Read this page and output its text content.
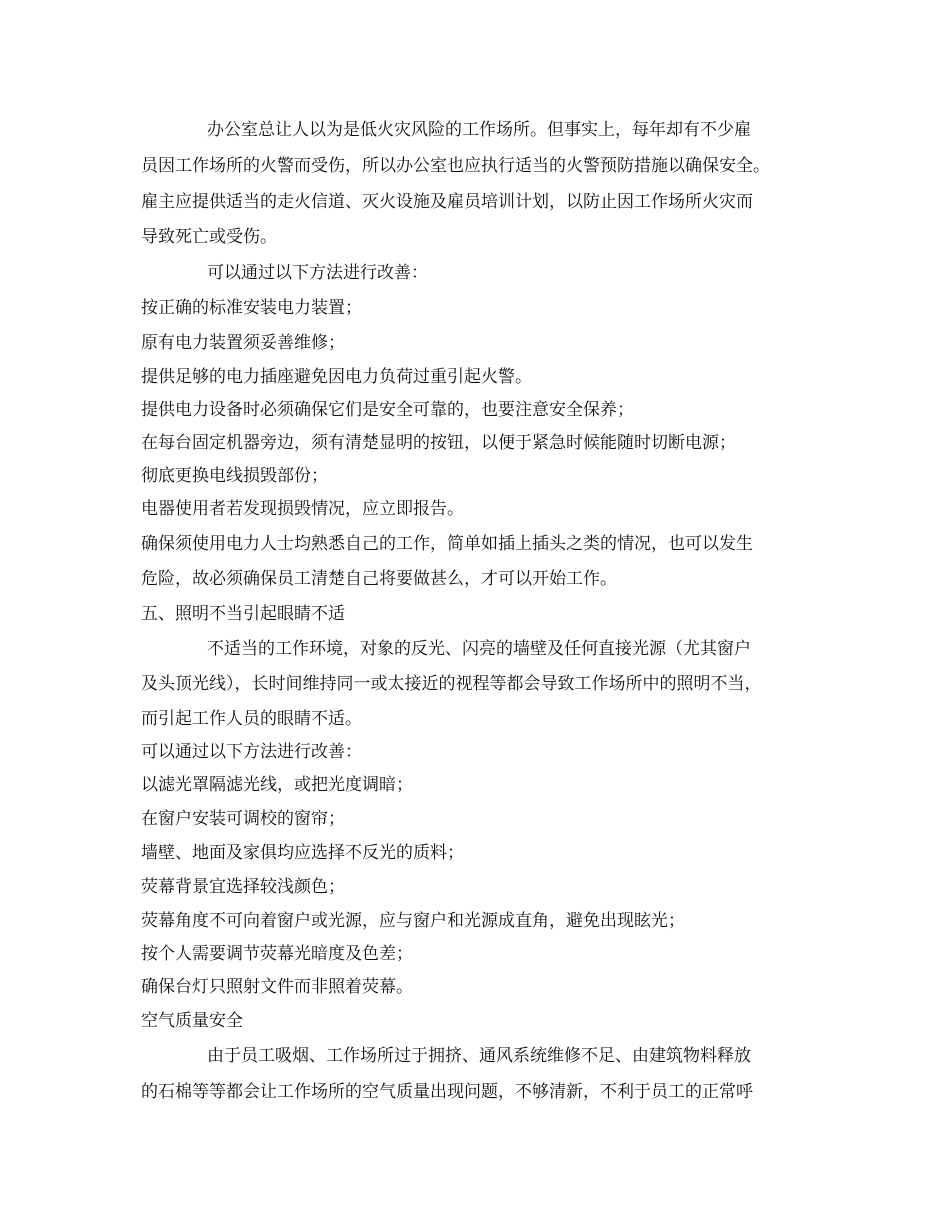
办公室总让人以为是低火灾风险的工作场所。但事实上，每年却有不少雇

员因工作场所的火警而受伤，所以办公室也应执行适当的火警预防措施以确保安全。

雇主应提供适当的走火信道、灭火设施及雇员培训计划，以防止因工作场所火灾而

导致死亡或受伤。

可以通过以下方法进行改善：

按正确的标准安装电力装置；

原有电力装置须妥善维修；

提供足够的电力插座避免因电力负荷过重引起火警。

提供电力设备时必须确保它们是安全可靠的，也要注意安全保养；

在每台固定机器旁边，须有清楚显明的按钮，以便于紧急时候能随时切断电源；

彻底更换电线损毁部份；

电器使用者若发现损毁情况，应立即报告。

确保须使用电力人士均熟悉自己的工作，简单如插上插头之类的情况，也可以发生

危险，故必须确保员工清楚自己将要做甚么，才可以开始工作。

五、照明不当引起眼睛不适

不适当的工作环境，对象的反光、闪亮的墙壁及任何直接光源（尤其窗户

及头顶光线），长时间维持同一或太接近的视程等都会导致工作场所中的照明不当，

而引起工作人员的眼睛不适。

可以通过以下方法进行改善：

以滤光罩隔滤光线，或把光度调暗；

在窗户安装可调校的窗帘；

墙壁、地面及家俱均应选择不反光的质料；

荧幕背景宜选择较浅颜色；

荧幕角度不可向着窗户或光源，应与窗户和光源成直角，避免出现眩光；

按个人需要调节荧幕光暗度及色差；

确保台灯只照射文件而非照着荧幕。

空气质量安全

由于员工吸烟、工作场所过于拥挤、通风系统维修不足、由建筑物料释放

的石棉等等都会让工作场所的空气质量出现问题，不够清新，不利于员工的正常呼
